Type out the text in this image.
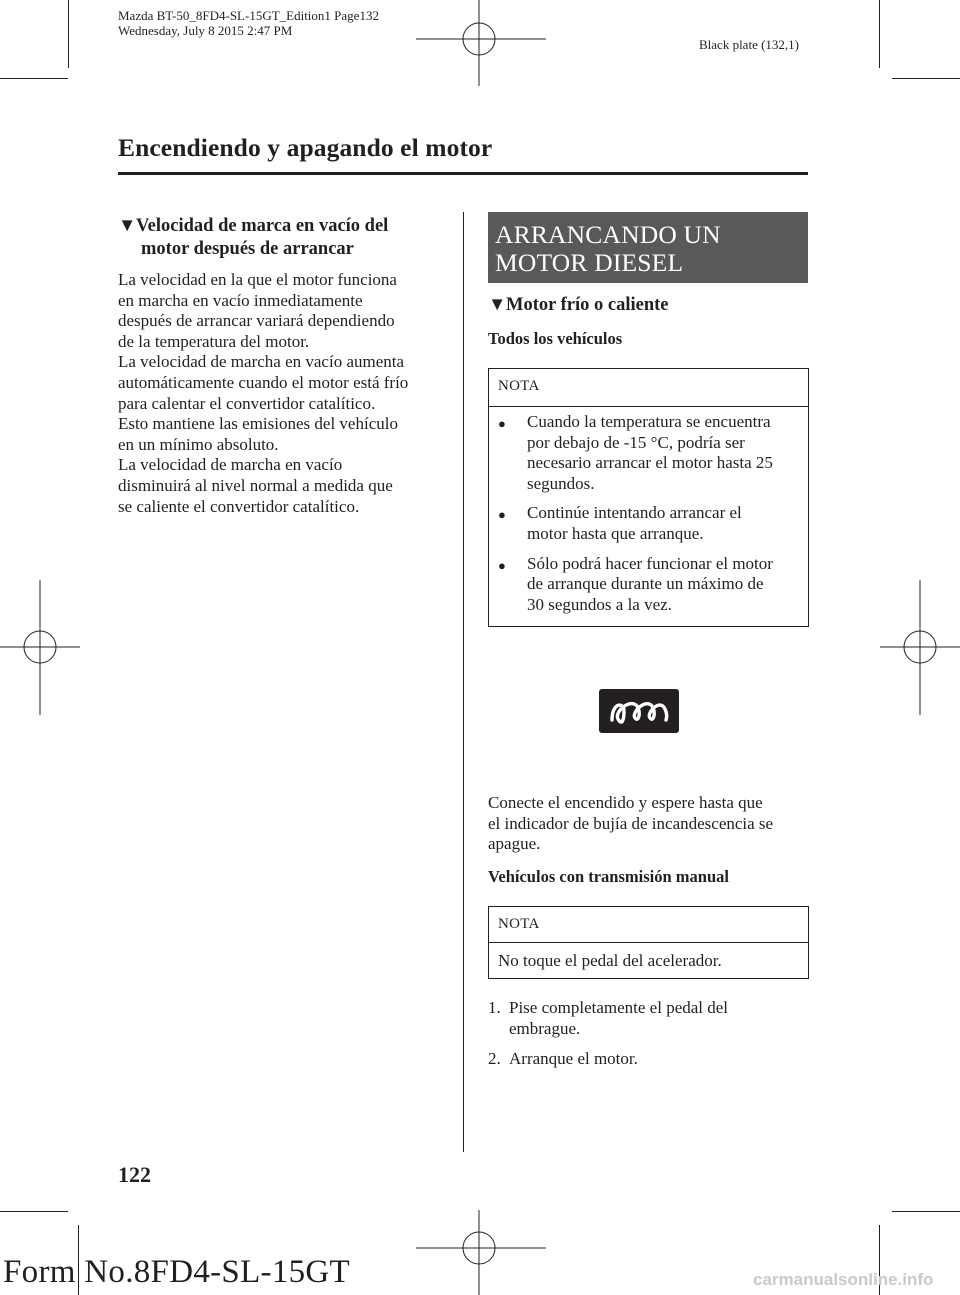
Mazda BT-50_8FD4-SL-15GT_Edition1 Page132
Wednesday, July 8 2015 2:47 PM
Black plate (132,1)
Encendiendo y apagando el motor
▼Velocidad de marca en vacío del
motor después de arrancar
La velocidad en la que el motor funciona
en marcha en vacío inmediatamente
después de arrancar variará dependiendo
de la temperatura del motor.
La velocidad de marcha en vacío aumenta
automáticamente cuando el motor está frío
para calentar el convertidor catalítico.
Esto mantiene las emisiones del vehículo
en un mínimo absoluto.
La velocidad de marcha en vacío
disminuirá al nivel normal a medida que
se caliente el convertidor catalítico.
ARRANCANDO UN
MOTOR DIESEL
▼Motor frío o caliente
Todos los vehículos
NOTA
● Cuando la temperatura se encuentra
por debajo de -15 °C, podría ser
necesario arrancar el motor hasta 25
segundos.
● Continúe intentando arrancar el
motor hasta que arranque.
● Sólo podrá hacer funcionar el motor
de arranque durante un máximo de
30 segundos a la vez.
Conecte el encendido y espere hasta que
el indicador de bujía de incandescencia se
apague.
Vehículos con transmisión manual
NOTA
No toque el pedal del acelerador.
1. Pise completamente el pedal del
embrague.
2. Arranque el motor.
122
Form No.8FD4-SL-15GT	carmanualsonline.info
